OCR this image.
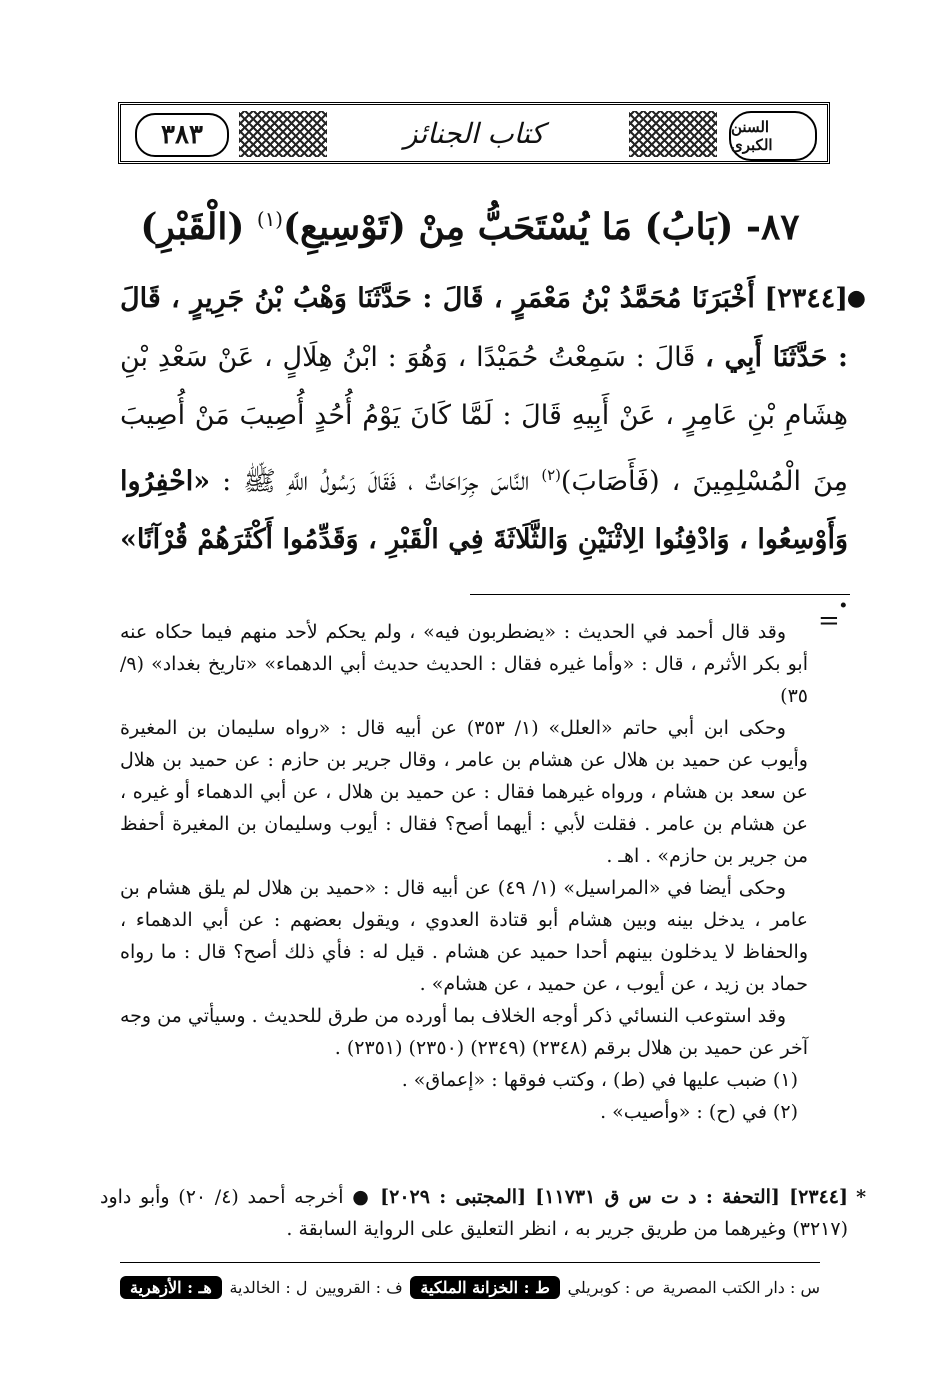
٣٨٣	كتاب الجنائز	السنن الكبرى
٨٧- (بَابُ) مَا يُسْتَحَبُّ مِنْ (تَوْسِيعِ)$^{(١)}$ (الْقَبْرِ)
●
[٢٣٤٤] أَخْبَرَنَا مُحَمَّدُ بْنُ مَعْمَرٍ ، قَالَ : حَدَّثَنَا وَهْبُ بْنُ جَرِيرٍ ، قَالَ : حَدَّثَنَا أَبِي ، قَالَ : سَمِعْتُ حُمَيْدًا ، وَهُوَ : ابْنُ هِلَالٍ ، عَنْ سَعْدِ بْنِ هِشَامِ بْنِ عَامِرٍ ، عَنْ أَبِيهِ قَالَ : لَمَّا كَانَ يَوْمُ أُحُدٍ أُصِيبَ مَنْ أُصِيبَ مِنَ الْمُسْلِمِينَ ، (فَأَصَابَ)$^{(٢)}$ النَّاسَ جِرَاحَاتٌ ، فَقَالَ رَسُولُ اللَّهِ ﷺ : «احْفِرُوا وَأَوْسِعُوا ، وَادْفِنُوا الِاثْنَيْنِ وَالثَّلَاثَةَ فِي الْقَبْرِ ، وَقَدِّمُوا أَكْثَرَهُمْ قُرْآنًا» .
=

وقد قال أحمد في الحديث : «يضطربون فيه» ، ولم يحكم لأحد منهم فيما حكاه عنه أبو بكر الأثرم ، قال : «وأما غيره فقال : الحديث حديث أبي الدهماء» «تاريخ بغداد» (٩/ ٣٥)

وحكى ابن أبي حاتم «العلل» (١/ ٣٥٣) عن أبيه قال : «رواه سليمان بن المغيرة وأيوب عن حميد بن هلال عن هشام بن عامر ، وقال جرير بن حازم : عن حميد بن هلال عن سعد بن هشام ، ورواه غيرهما فقال : عن حميد بن هلال ، عن أبي الدهماء أو غيره ، عن هشام بن عامر . فقلت لأبي : أيهما أصح؟ فقال : أيوب وسليمان بن المغيرة أحفظ من جرير بن حازم» . اهـ .

وحكى أيضا في «المراسيل» (١/ ٤٩) عن أبيه قال : «حميد بن هلال لم يلق هشام بن عامر ، يدخل بينه وبين هشام أبو قتادة العدوي ، ويقول بعضهم : عن أبي الدهماء ، والحفاظ لا يدخلون بينهم أحدا حميد عن هشام . قيل له : فأي ذلك أصح؟ قال : ما رواه حماد بن زيد ، عن أيوب ، عن حميد ، عن هشام» .

وقد استوعب النسائي ذكر أوجه الخلاف بما أورده من طرق للحديث . وسيأتي من وجه آخر عن حميد بن هلال برقم (٢٣٤٨) (٢٣٤٩) (٢٣٥٠) (٢٣٥١) .

(١) ضبب عليها في (ط) ، وكتب فوقها : «إعماق» .

(٢) في (ح) : «وأصيب» .

*
[٢٣٤٤] [التحفة : د ت س ق ١١٧٣١] [المجتبى : ٢٠٢٩] ● أخرجه أحمد (٤/ ٢٠) وأبو داود (٣٢١٧) وغيرهما من طريق جرير به ، انظر التعليق على الرواية السابقة .
س : دار الكتب المصرية
ص : كوبريلي
ط : الخزانة الملكية
ف : القرويين
ل : الخالدية
هـ : الأزهرية
